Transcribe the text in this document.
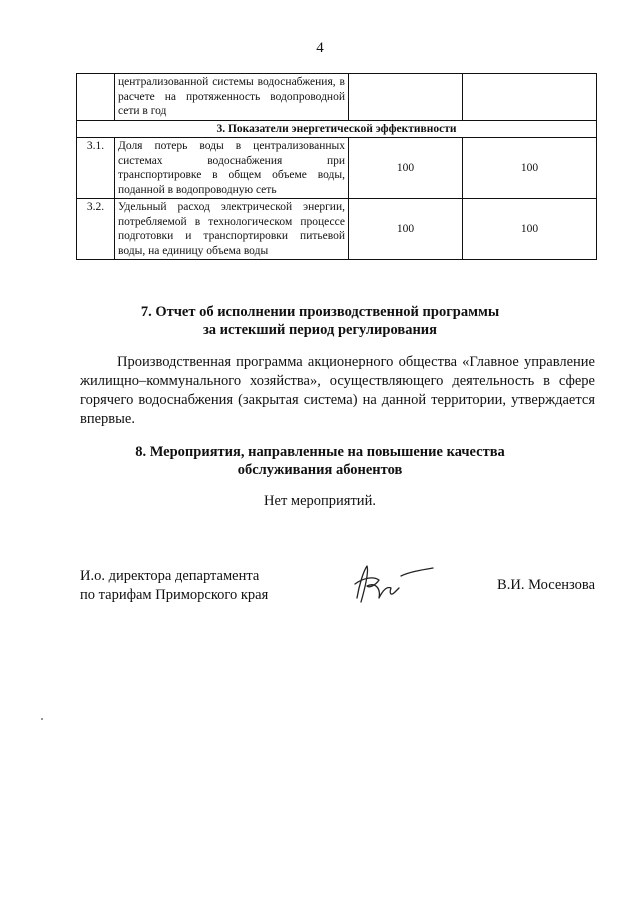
4
	централизованной системы водоснабжения, в расчете на протяженность водопроводной сети в год		
3. Показатели энергетической эффективности			
3.1.	Доля потерь воды в централизованных системах водоснабжения при транспортировке в общем объеме воды, поданной в водопроводную сеть	100	100
3.2.	Удельный расход электрической энергии, потребляемой в технологическом процессе подготовки и транспортировки питьевой воды, на единицу объема воды	100	100
7. Отчет об исполнении производственной программы
за истекший период регулирования

Производственная программа акционерного общества «Главное управление жилищно–коммунального хозяйства», осуществляющего деятельность в сфере горячего водоснабжения (закрытая система) на данной территории, утверждается впервые.

8. Мероприятия, направленные на повышение качества
обслуживания абонентов
Нет мероприятий.
И.о. директора департамента
по тарифам Приморского края
В.И. Мосензова
